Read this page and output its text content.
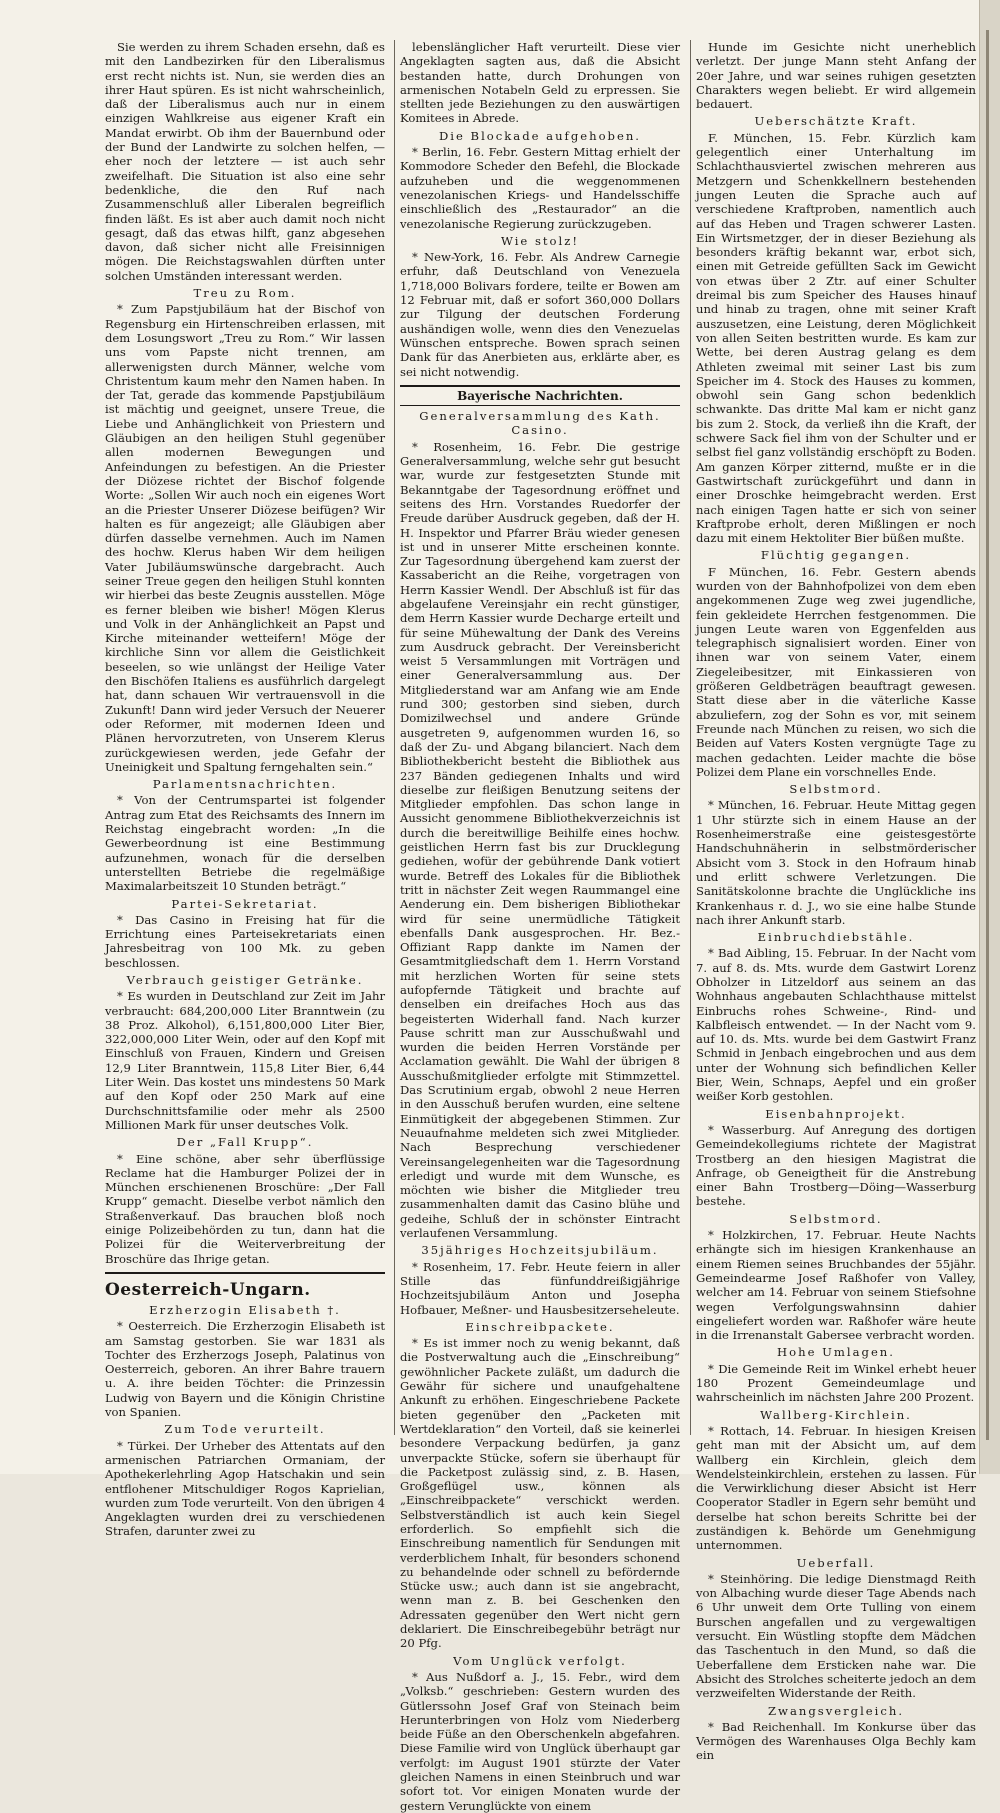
Sie werden zu ihrem Schaden ersehn, daß es mit den Landbezirken für den Liberalismus erst recht nichts ist. Nun, sie werden dies an ihrer Haut spüren. Es ist nicht wahrscheinlich, daß der Liberalismus auch nur in einem einzigen Wahlkreise aus eigener Kraft ein Mandat erwirbt. Ob ihm der Bauernbund oder der Bund der Landwirte zu solchen helfen, — eher noch der letztere — ist auch sehr zweifelhaft. Die Situation ist also eine sehr bedenkliche, die den Ruf nach Zusammenschluß aller Liberalen begreiflich finden läßt. Es ist aber auch damit noch nicht gesagt, daß das etwas hilft, ganz abgesehen davon, daß sicher nicht alle Freisinnigen mögen. Die Reichstagswahlen dürften unter solchen Umständen interessant werden.

Treu zu Rom.

* Zum Papstjubiläum hat der Bischof von Regensburg ein Hirtenschreiben erlassen, mit dem Losungswort „Treu zu Rom.“ Wir lassen uns vom Papste nicht trennen, am allerwenigsten durch Männer, welche vom Christentum kaum mehr den Namen haben. In der Tat, gerade das kommende Papstjubiläum ist mächtig und geeignet, unsere Treue, die Liebe und Anhänglichkeit von Priestern und Gläubigen an den heiligen Stuhl gegenüber allen modernen Bewegungen und Anfeindungen zu befestigen. An die Priester der Diözese richtet der Bischof folgende Worte: „Sollen Wir auch noch ein eigenes Wort an die Priester Unserer Diözese beifügen? Wir halten es für angezeigt; alle Gläubigen aber dürfen dasselbe vernehmen. Auch im Namen des hochw. Klerus haben Wir dem heiligen Vater Jubiläumswünsche dargebracht. Auch seiner Treue gegen den heiligen Stuhl konnten wir hierbei das beste Zeugnis ausstellen. Möge es ferner bleiben wie bisher! Mögen Klerus und Volk in der Anhänglichkeit an Papst und Kirche miteinander wetteifern! Möge der kirchliche Sinn vor allem die Geistlichkeit beseelen, so wie unlängst der Heilige Vater den Bischöfen Italiens es ausführlich dargelegt hat, dann schauen Wir vertrauensvoll in die Zukunft! Dann wird jeder Versuch der Neuerer oder Reformer, mit modernen Ideen und Plänen hervorzutreten, von Unserem Klerus zurückgewiesen werden, jede Gefahr der Uneinigkeit und Spaltung ferngehalten sein.“

Parlamentsnachrichten.

* Von der Centrumspartei ist folgender Antrag zum Etat des Reichsamts des Innern im Reichstag eingebracht worden: „In die Gewerbeordnung ist eine Bestimmung aufzunehmen, wonach für die derselben unterstellten Betriebe die regelmäßige Maximalarbeitszeit 10 Stunden beträgt.“

Partei-Sekretariat.

* Das Casino in Freising hat für die Errichtung eines Parteisekretariats einen Jahresbeitrag von 100 Mk. zu geben beschlossen.

Verbrauch geistiger Getränke.

* Es wurden in Deutschland zur Zeit im Jahr verbraucht: 684,200,000 Liter Branntwein (zu 38 Proz. Alkohol), 6,151,800,000 Liter Bier, 322,000,000 Liter Wein, oder auf den Kopf mit Einschluß von Frauen, Kindern und Greisen 12,9 Liter Branntwein, 115,8 Liter Bier, 6,44 Liter Wein. Das kostet uns mindestens 50 Mark auf den Kopf oder 250 Mark auf eine Durchschnittsfamilie oder mehr als 2500 Millionen Mark für unser deutsches Volk.

Der „Fall Krupp“.

* Eine schöne, aber sehr überflüssige Reclame hat die Hamburger Polizei der in München erschienenen Broschüre: „Der Fall Krupp“ gemacht. Dieselbe verbot nämlich den Straßenverkauf. Das brauchen bloß noch einige Polizeibehörden zu tun, dann hat die Polizei für die Weiterverbreitung der Broschüre das Ihrige getan.

Oesterreich-Ungarn.
Erzherzogin Elisabeth †.

* Oesterreich. Die Erzherzogin Elisabeth ist am Samstag gestorben. Sie war 1831 als Tochter des Erzherzogs Joseph, Palatinus von Oesterreich, geboren. An ihrer Bahre trauern u. A. ihre beiden Töchter: die Prinzessin Ludwig von Bayern und die Königin Christine von Spanien.

Zum Tode verurteilt.

* Türkei. Der Urheber des Attentats auf den armenischen Patriarchen Ormaniam, der Apothekerlehrling Agop Hatschakin und sein entflohener Mitschuldiger Rogos Kaprielian, wurden zum Tode verurteilt. Von den übrigen 4 Angeklagten wurden drei zu verschiedenen Strafen, darunter zwei zu

lebenslänglicher Haft verurteilt. Diese vier Angeklagten sagten aus, daß die Absicht bestanden hatte, durch Drohungen von armenischen Notabeln Geld zu erpressen. Sie stellten jede Beziehungen zu den auswärtigen Komitees in Abrede.

Die Blockade aufgehoben.

* Berlin, 16. Febr. Gestern Mittag erhielt der Kommodore Scheder den Befehl, die Blockade aufzuheben und die weggenommenen venezolanischen Kriegs- und Handelsschiffe einschließlich des „Restaurador“ an die venezolanische Regierung zurückzugeben.

Wie stolz!

* New-York, 16. Febr. Als Andrew Carnegie erfuhr, daß Deutschland von Venezuela 1,718,000 Bolivars fordere, teilte er Bowen am 12 Februar mit, daß er sofort 360,000 Dollars zur Tilgung der deutschen Forderung aushändigen wolle, wenn dies den Venezuelas Wünschen entspreche. Bowen sprach seinen Dank für das Anerbieten aus, erklärte aber, es sei nicht notwendig.

Bayerische Nachrichten.
Generalversammlung des Kath. Casino.

* Rosenheim, 16. Febr. Die gestrige Generalversammlung, welche sehr gut besucht war, wurde zur festgesetzten Stunde mit Bekanntgabe der Tagesordnung eröffnet und seitens des Hrn. Vorstandes Ruedorfer der Freude darüber Ausdruck gegeben, daß der H. H. Inspektor und Pfarrer Bräu wieder genesen ist und in unserer Mitte erscheinen konnte. Zur Tagesordnung übergehend kam zuerst der Kassabericht an die Reihe, vorgetragen von Herrn Kassier Wendl. Der Abschluß ist für das abgelaufene Vereinsjahr ein recht günstiger, dem Herrn Kassier wurde Decharge erteilt und für seine Mühewaltung der Dank des Vereins zum Ausdruck gebracht. Der Vereinsbericht weist 5 Versammlungen mit Vorträgen und einer Generalversammlung aus. Der Mitgliederstand war am Anfang wie am Ende rund 300; gestorben sind sieben, durch Domizilwechsel und andere Gründe ausgetreten 9, aufgenommen wurden 16, so daß der Zu- und Abgang bilanciert. Nach dem Bibliothekbericht besteht die Bibliothek aus 237 Bänden gediegenen Inhalts und wird dieselbe zur fleißigen Benutzung seitens der Mitglieder empfohlen. Das schon lange in Aussicht genommene Bibliothekverzeichnis ist durch die bereitwillige Beihilfe eines hochw. geistlichen Herrn fast bis zur Drucklegung gediehen, wofür der gebührende Dank votiert wurde. Betreff des Lokales für die Bibliothek tritt in nächster Zeit wegen Raummangel eine Aenderung ein. Dem bisherigen Bibliothekar wird für seine unermüdliche Tätigkeit ebenfalls Dank ausgesprochen. Hr. Bez.-Offiziant Rapp dankte im Namen der Gesamtmitgliedschaft dem 1. Herrn Vorstand mit herzlichen Worten für seine stets aufopfernde Tätigkeit und brachte auf denselben ein dreifaches Hoch aus das begeisterten Widerhall fand. Nach kurzer Pause schritt man zur Ausschußwahl und wurden die beiden Herren Vorstände per Acclamation gewählt. Die Wahl der übrigen 8 Ausschußmitglieder erfolgte mit Stimmzettel. Das Scrutinium ergab, obwohl 2 neue Herren in den Ausschuß berufen wurden, eine seltene Einmütigkeit der abgegebenen Stimmen. Zur Neuaufnahme meldeten sich zwei Mitglieder. Nach Besprechung verschiedener Vereinsangelegenheiten war die Tagesordnung erledigt und wurde mit dem Wunsche, es möchten wie bisher die Mitglieder treu zusammenhalten damit das Casino blühe und gedeihe, Schluß der in schönster Eintracht verlaufenen Versammlung.

35jähriges Hochzeitsjubiläum.

* Rosenheim, 17. Febr. Heute feiern in aller Stille das fünfunddreißigjährige Hochzeitsjubiläum Anton und Josepha Hofbauer, Meßner- und Hausbesitzerseheleute.

Einschreibpackete.

* Es ist immer noch zu wenig bekannt, daß die Postverwaltung auch die „Einschreibung“ gewöhnlicher Packete zuläßt, um dadurch die Gewähr für sichere und unaufgehaltene Ankunft zu erhöhen. Eingeschriebene Packete bieten gegenüber den „Packeten mit Wertdeklaration“ den Vorteil, daß sie keinerlei besondere Verpackung bedürfen, ja ganz unverpackte Stücke, sofern sie überhaupt für die Packetpost zulässig sind, z. B. Hasen, Großgeflügel usw., können als „Einschreibpackete“ verschickt werden. Selbstverständlich ist auch kein Siegel erforderlich. So empfiehlt sich die Einschreibung namentlich für Sendungen mit verderblichem Inhalt, für besonders schonend zu behandelnde oder schnell zu befördernde Stücke usw.; auch dann ist sie angebracht, wenn man z. B. bei Geschenken den Adressaten gegenüber den Wert nicht gern deklariert. Die Einschreibegebühr beträgt nur 20 Pfg.

Vom Unglück verfolgt.

* Aus Nußdorf a. J., 15. Febr., wird dem „Volksb.“ geschrieben: Gestern wurden des Gütlerssohn Josef Graf von Steinach beim Herunterbringen von Holz vom Niederberg beide Füße an den Oberschenkeln abgefahren. Diese Familie wird von Unglück überhaupt gar verfolgt: im August 1901 stürzte der Vater gleichen Namens in einen Steinbruch und war sofort tot. Vor einigen Monaten wurde der gestern Verunglückte von einem

Hunde im Gesichte nicht unerheblich verletzt. Der junge Mann steht Anfang der 20er Jahre, und war seines ruhigen gesetzten Charakters wegen beliebt. Er wird allgemein bedauert.

Ueberschätzte Kraft.

F. München, 15. Febr. Kürzlich kam gelegentlich einer Unterhaltung im Schlachthausviertel zwischen mehreren aus Metzgern und Schenkkellnern bestehenden jungen Leuten die Sprache auch auf verschiedene Kraftproben, namentlich auch auf das Heben und Tragen schwerer Lasten. Ein Wirtsmetzger, der in dieser Beziehung als besonders kräftig bekannt war, erbot sich, einen mit Getreide gefüllten Sack im Gewicht von etwas über 2 Ztr. auf einer Schulter dreimal bis zum Speicher des Hauses hinauf und hinab zu tragen, ohne mit seiner Kraft auszusetzen, eine Leistung, deren Möglichkeit von allen Seiten bestritten wurde. Es kam zur Wette, bei deren Austrag gelang es dem Athleten zweimal mit seiner Last bis zum Speicher im 4. Stock des Hauses zu kommen, obwohl sein Gang schon bedenklich schwankte. Das dritte Mal kam er nicht ganz bis zum 2. Stock, da verließ ihn die Kraft, der schwere Sack fiel ihm von der Schulter und er selbst fiel ganz vollständig erschöpft zu Boden. Am ganzen Körper zitternd, mußte er in die Gastwirtschaft zurückgeführt und dann in einer Droschke heimgebracht werden. Erst nach einigen Tagen hatte er sich von seiner Kraftprobe erholt, deren Mißlingen er noch dazu mit einem Hektoliter Bier büßen mußte.

Flüchtig gegangen.

F München, 16. Febr. Gestern abends wurden von der Bahnhofpolizei von dem eben angekommenen Zuge weg zwei jugendliche, fein gekleidete Herrchen festgenommen. Die jungen Leute waren von Eggenfelden aus telegraphisch signalisiert worden. Einer von ihnen war von seinem Vater, einem Ziegeleibesitzer, mit Einkassieren von größeren Geldbeträgen beauftragt gewesen. Statt diese aber in die väterliche Kasse abzuliefern, zog der Sohn es vor, mit seinem Freunde nach München zu reisen, wo sich die Beiden auf Vaters Kosten vergnügte Tage zu machen gedachten. Leider machte die böse Polizei dem Plane ein vorschnelles Ende.

Selbstmord.

* München, 16. Februar. Heute Mittag gegen 1 Uhr stürzte sich in einem Hause an der Rosenheimerstraße eine geistesgestörte Handschuhnäherin in selbstmörderischer Absicht vom 3. Stock in den Hofraum hinab und erlitt schwere Verletzungen. Die Sanitätskolonne brachte die Unglückliche ins Krankenhaus r. d. J., wo sie eine halbe Stunde nach ihrer Ankunft starb.

Einbruchdiebstähle.

* Bad Aibling, 15. Februar. In der Nacht vom 7. auf 8. ds. Mts. wurde dem Gastwirt Lorenz Obholzer in Litzeldorf aus seinem an das Wohnhaus angebauten Schlachthause mittelst Einbruchs rohes Schweine-, Rind- und Kalbfleisch entwendet. — In der Nacht vom 9. auf 10. ds. Mts. wurde bei dem Gastwirt Franz Schmid in Jenbach eingebrochen und aus dem unter der Wohnung sich befindlichen Keller Bier, Wein, Schnaps, Aepfel und ein großer weißer Korb gestohlen.

Eisenbahnprojekt.

* Wasserburg. Auf Anregung des dortigen Gemeindekollegiums richtete der Magistrat Trostberg an den hiesigen Magistrat die Anfrage, ob Geneigtheit für die Anstrebung einer Bahn Trostberg—Döing—Wasserburg bestehe.

Selbstmord.

* Holzkirchen, 17. Februar. Heute Nachts erhängte sich im hiesigen Krankenhause an einem Riemen seines Bruchbandes der 55jähr. Gemeindearme Josef Raßhofer von Valley, welcher am 14. Februar von seinem Stiefsohne wegen Verfolgungswahnsinn dahier eingeliefert worden war. Raßhofer wäre heute in die Irrenanstalt Gabersee verbracht worden.

Hohe Umlagen.

* Die Gemeinde Reit im Winkel erhebt heuer 180 Prozent Gemeindeumlage und wahrscheinlich im nächsten Jahre 200 Prozent.

Wallberg-Kirchlein.

* Rottach, 14. Februar. In hiesigen Kreisen geht man mit der Absicht um, auf dem Wallberg ein Kirchlein, gleich dem Wendelsteinkirchlein, erstehen zu lassen. Für die Verwirklichung dieser Absicht ist Herr Cooperator Stadler in Egern sehr bemüht und derselbe hat schon bereits Schritte bei der zuständigen k. Behörde um Genehmigung unternommen.

Ueberfall.

* Steinhöring. Die ledige Dienstmagd Reith von Albaching wurde dieser Tage Abends nach 6 Uhr unweit dem Orte Tulling von einem Burschen angefallen und zu vergewaltigen versucht. Ein Wüstling stopfte dem Mädchen das Taschentuch in den Mund, so daß die Ueberfallene dem Ersticken nahe war. Die Absicht des Strolches scheiterte jedoch an dem verzweifelten Widerstande der Reith.

Zwangsvergleich.

* Bad Reichenhall. Im Konkurse über das Vermögen des Warenhauses Olga Bechly kam ein
